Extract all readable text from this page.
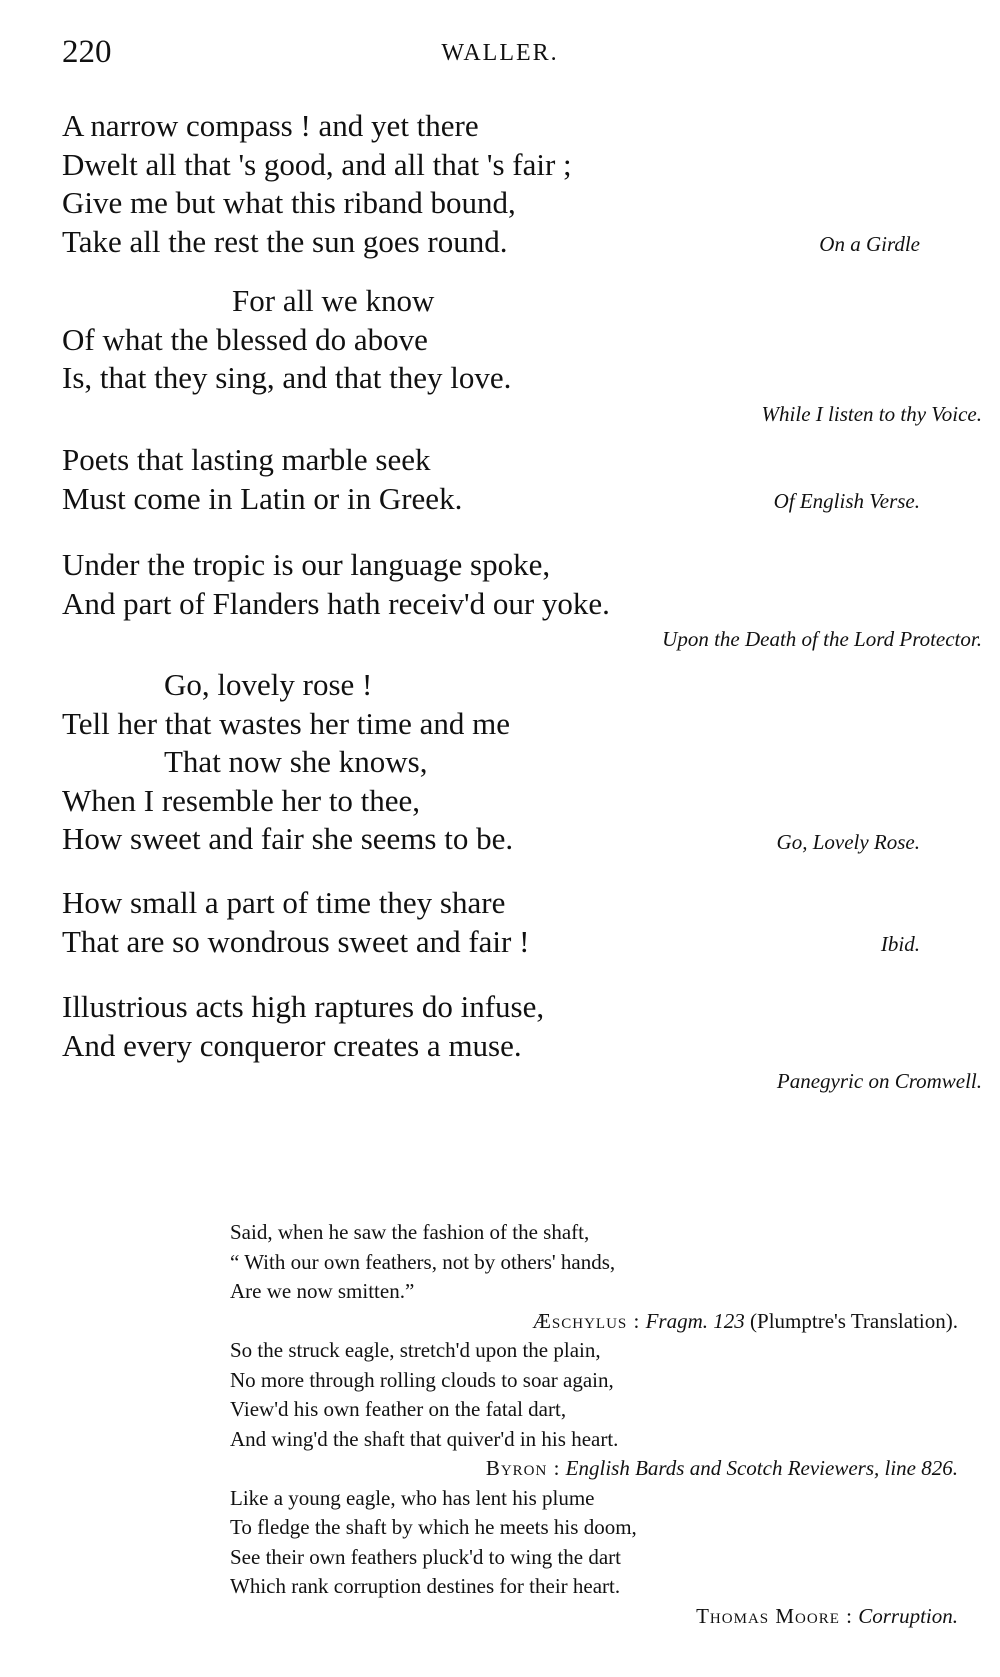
220	WALLER.
A narrow compass ! and yet there
Dwelt all that 's good, and all that 's fair ;
Give me but what this riband bound,
Take all the rest the sun goes round.	On a Girdle
For all we know
Of what the blessed do above
Is, that they sing, and that they love.
While I listen to thy Voice.
Poets that lasting marble seek
Must come in Latin or in Greek.	Of English Verse.
Under the tropic is our language spoke,
And part of Flanders hath receiv'd our yoke.
Upon the Death of the Lord Protector.
Go, lovely rose !
Tell her that wastes her time and me
That now she knows,
When I resemble her to thee,
How sweet and fair she seems to be.	Go, Lovely Rose.
How small a part of time they share
That are so wondrous sweet and fair !	Ibid.
Illustrious acts high raptures do infuse,
And every conqueror creates a muse.
Panegyric on Cromwell.
Said, when he saw the fashion of the shaft,
“ With our own feathers, not by others' hands,
Are we now smitten.”
Æschylus : Fragm. 123 (Plumptre's Translation).
So the struck eagle, stretch'd upon the plain,
No more through rolling clouds to soar again,
View'd his own feather on the fatal dart,
And wing'd the shaft that quiver'd in his heart.
Byron : English Bards and Scotch Reviewers, line 826.
Like a young eagle, who has lent his plume
To fledge the shaft by which he meets his doom,
See their own feathers pluck'd to wing the dart
Which rank corruption destines for their heart.
Thomas Moore : Corruption.
